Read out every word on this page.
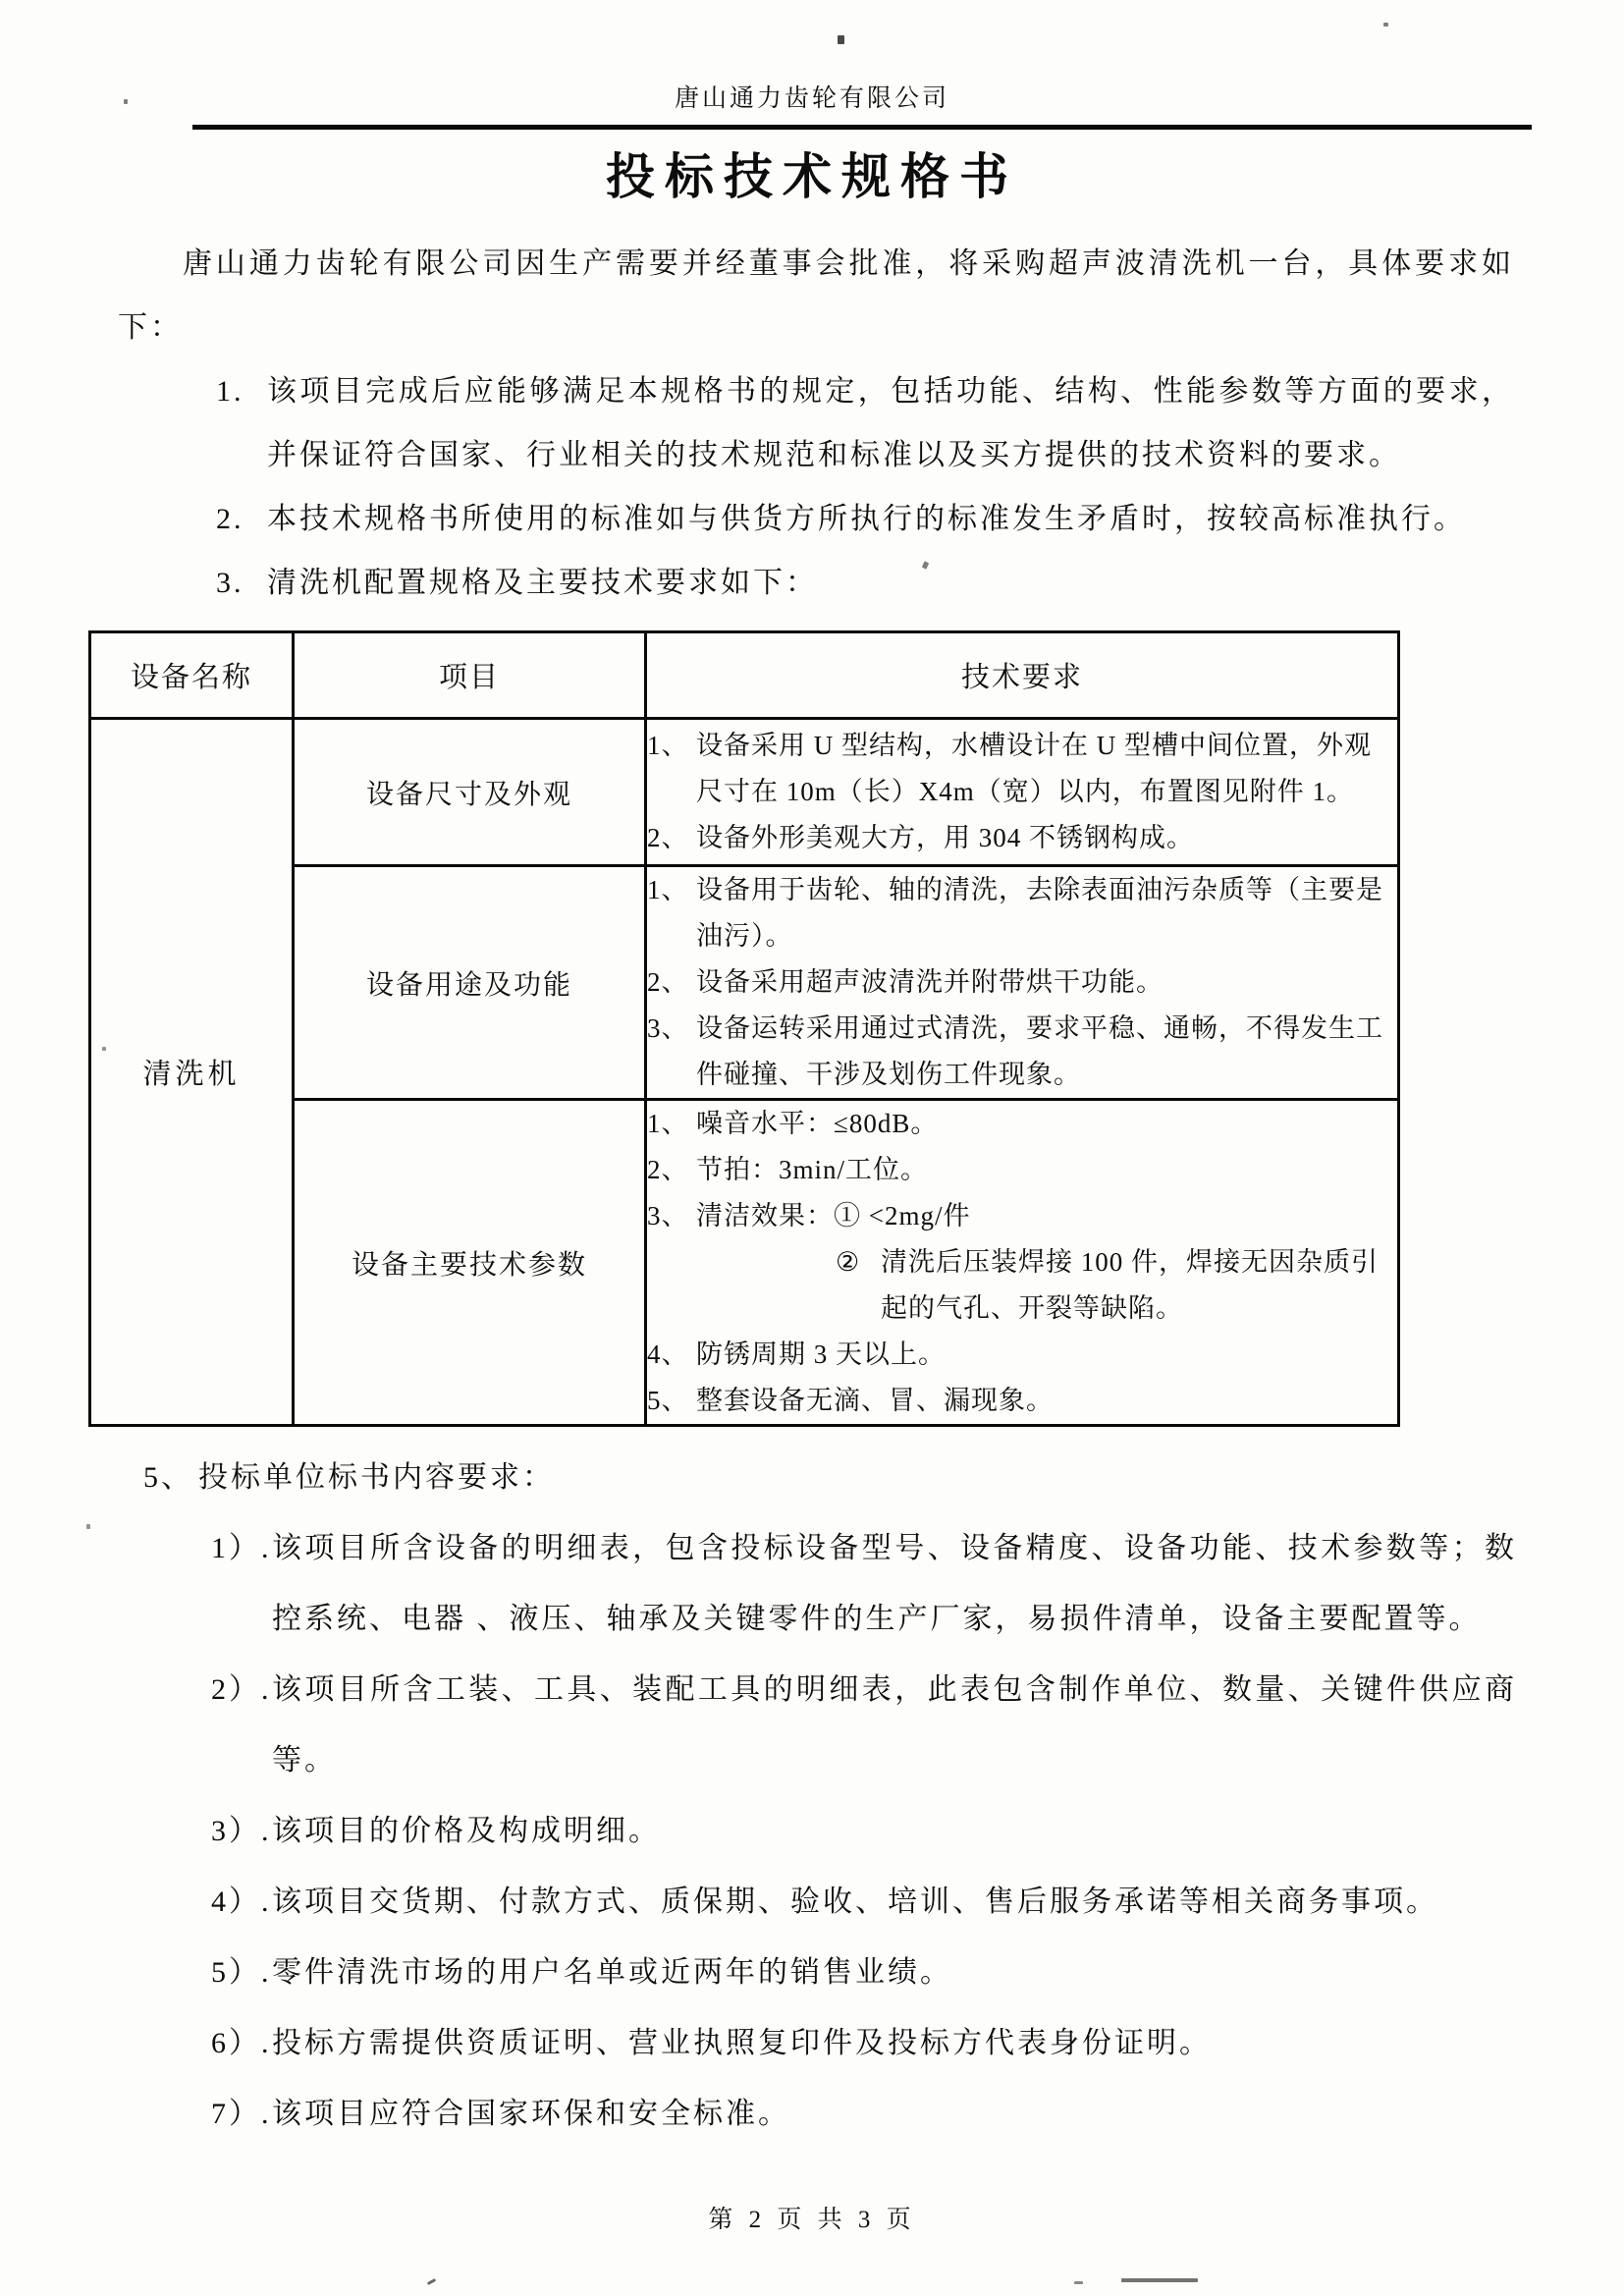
唐山通力齿轮有限公司
投标技术规格书
唐山通力齿轮有限公司因生产需要并经董事会批准，将采购超声波清洗机一台，具体要求如下：
1. 该项目完成后应能够满足本规格书的规定，包括功能、结构、性能参数等方面的要求，并保证符合国家、行业相关的技术规范和标准以及买方提供的技术资料的要求。
2. 本技术规格书所使用的标准如与供货方所执行的标准发生矛盾时，按较高标准执行。
3. 清洗机配置规格及主要技术要求如下：
设备名称	项目	技术要求
清洗机	设备尺寸及外观	1、 设备采用 U 型结构，水槽设计在 U 型槽中间位置，外观尺寸在 10m（长）X4m（宽）以内，布置图见附件 1。
2、 设备外形美观大方，用 304 不锈钢构成。

设备用途及功能	
1、 设备用于齿轮、轴的清洗，去除表面油污杂质等（主要是油污）。
2、 设备采用超声波清洗并附带烘干功能。
3、 设备运转采用通过式清洗，要求平稳、通畅，不得发生工件碰撞、干涉及划伤工件现象。

设备主要技术参数	
1、 噪音水平：≤80dB。
2、 节拍：3min/工位。
3、 清洁效果：① <2mg/件
② 清洗后压装焊接 100 件，焊接无因杂质引起的气孔、开裂等缺陷。
4、 防锈周期 3 天以上。
5、 整套设备无滴、冒、漏现象。
5、 投标单位标书内容要求：
1）. 该项目所含设备的明细表，包含投标设备型号、设备精度、设备功能、技术参数等；数控系统、电器 、液压、轴承及关键零件的生产厂家，易损件清单，设备主要配置等。
2）. 该项目所含工装、工具、装配工具的明细表，此表包含制作单位、数量、关键件供应商等。
3）. 该项目的价格及构成明细。
4）. 该项目交货期、付款方式、质保期、验收、培训、售后服务承诺等相关商务事项。
5）. 零件清洗市场的用户名单或近两年的销售业绩。
6）. 投标方需提供资质证明、营业执照复印件及投标方代表身份证明。
7）. 该项目应符合国家环保和安全标准。
第 2 页 共 3 页
